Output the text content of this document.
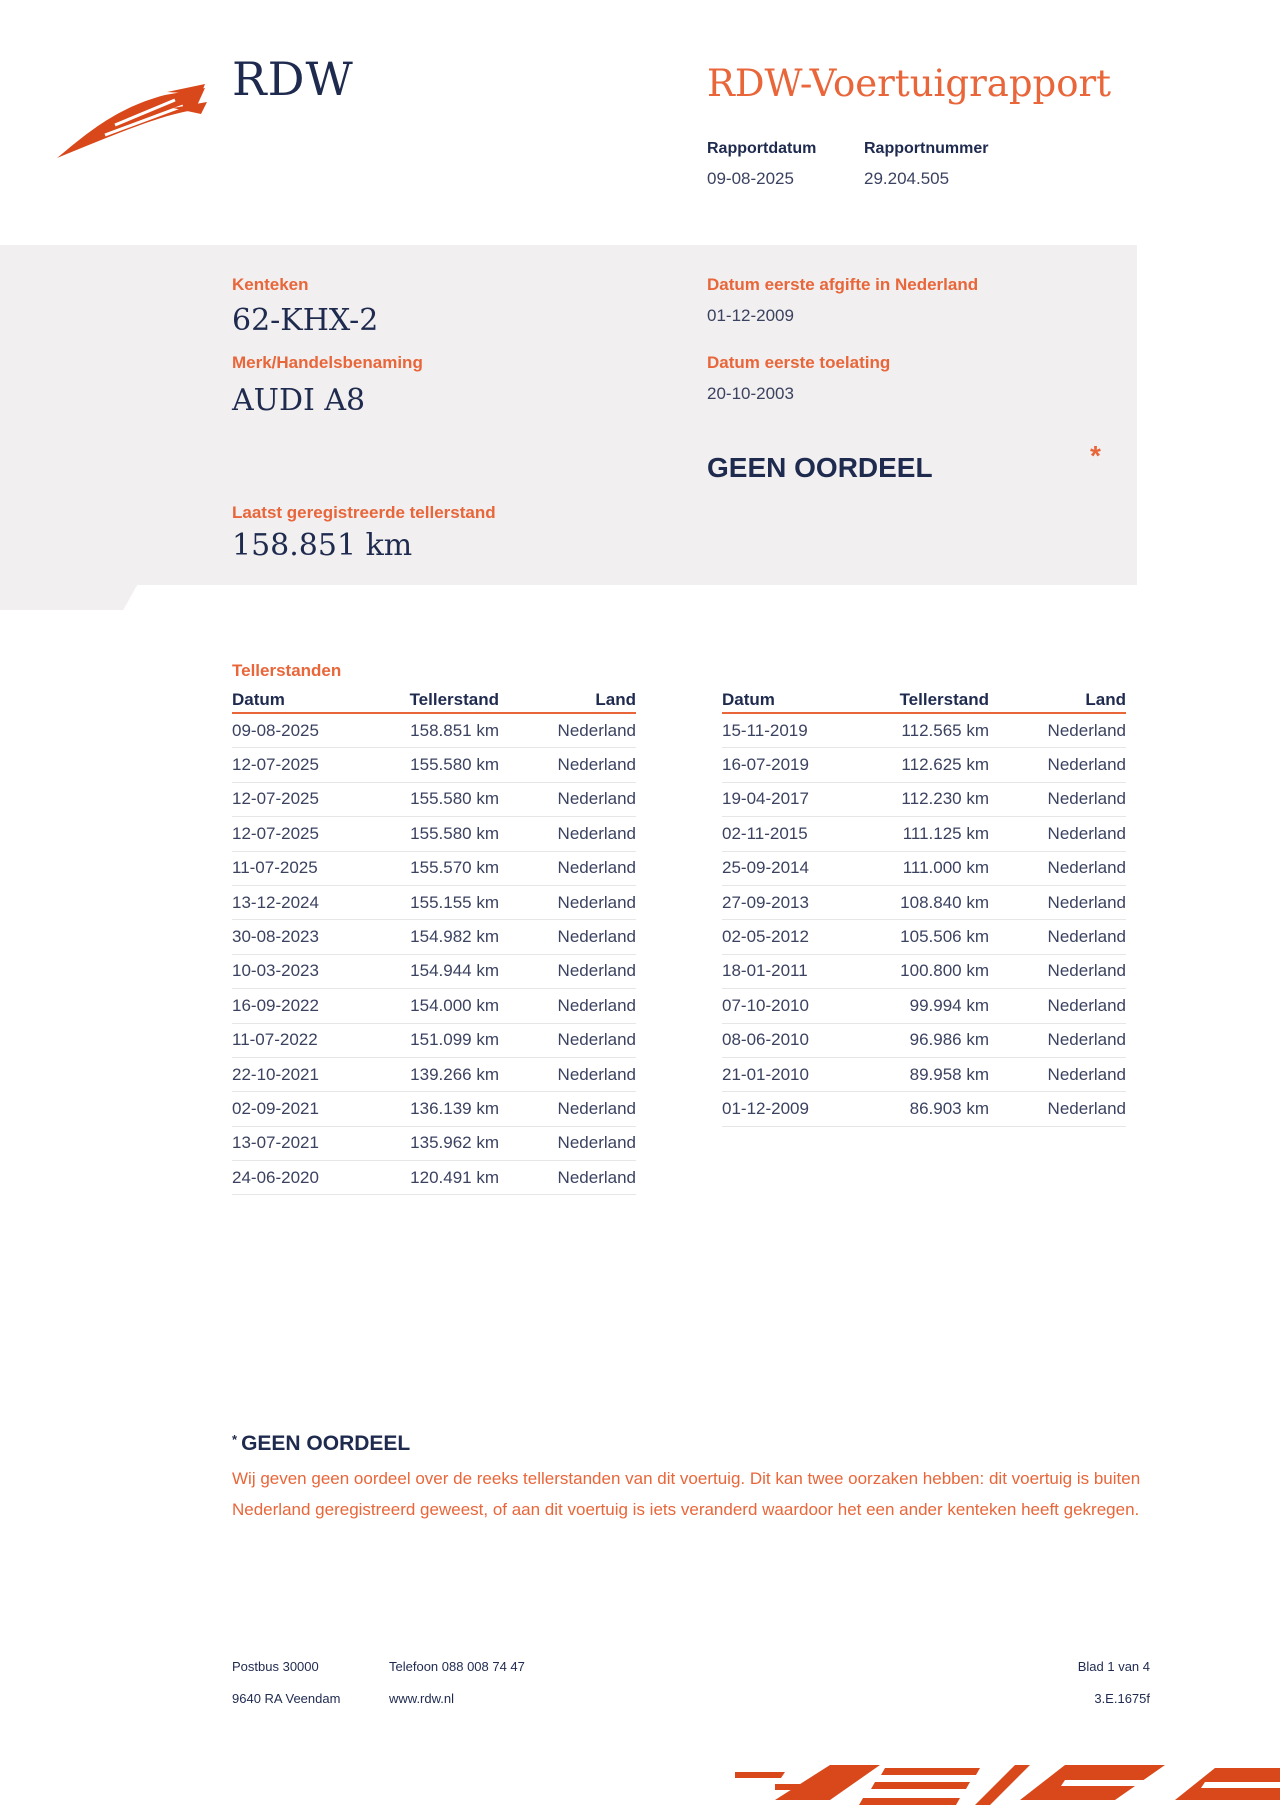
RDW	RDW-Voertuigrapport
Rapportdatum
09-08-2025
Rapportnummer
29.204.505
Kenteken
62-KHX-2
Merk/Handelsbenaming
AUDI A8
Laatst geregistreerde tellerstand
158.851 km
Datum eerste afgifte in Nederland
01-12-2009
Datum eerste toelating
20-10-2003
GEEN OORDEEL	*
Tellerstanden
Datum	Tellerstand	Land
09-08-2025	158.851 km	Nederland
12-07-2025	155.580 km	Nederland
12-07-2025	155.580 km	Nederland
12-07-2025	155.580 km	Nederland
11-07-2025	155.570 km	Nederland
13-12-2024	155.155 km	Nederland
30-08-2023	154.982 km	Nederland
10-03-2023	154.944 km	Nederland
16-09-2022	154.000 km	Nederland
11-07-2022	151.099 km	Nederland
22-10-2021	139.266 km	Nederland
02-09-2021	136.139 km	Nederland
13-07-2021	135.962 km	Nederland
24-06-2020	120.491 km	Nederland
Datum	Tellerstand	Land
15-11-2019	112.565 km	Nederland
16-07-2019	112.625 km	Nederland
19-04-2017	112.230 km	Nederland
02-11-2015	111.125 km	Nederland
25-09-2014	111.000 km	Nederland
27-09-2013	108.840 km	Nederland
02-05-2012	105.506 km	Nederland
18-01-2011	100.800 km	Nederland
07-10-2010	99.994 km	Nederland
08-06-2010	96.986 km	Nederland
21-01-2010	89.958 km	Nederland
01-12-2009	86.903 km	Nederland
* GEEN OORDEEL
Wij geven geen oordeel over de reeks tellerstanden van dit voertuig. Dit kan twee oorzaken hebben: dit voertuig is buiten Nederland geregistreerd geweest, of aan dit voertuig is iets veranderd waardoor het een ander kenteken heeft gekregen.
Postbus 30000
9640 RA Veendam
Telefoon 088 008 74 47
www.rdw.nl
Blad 1 van 4
3.E.1675f
